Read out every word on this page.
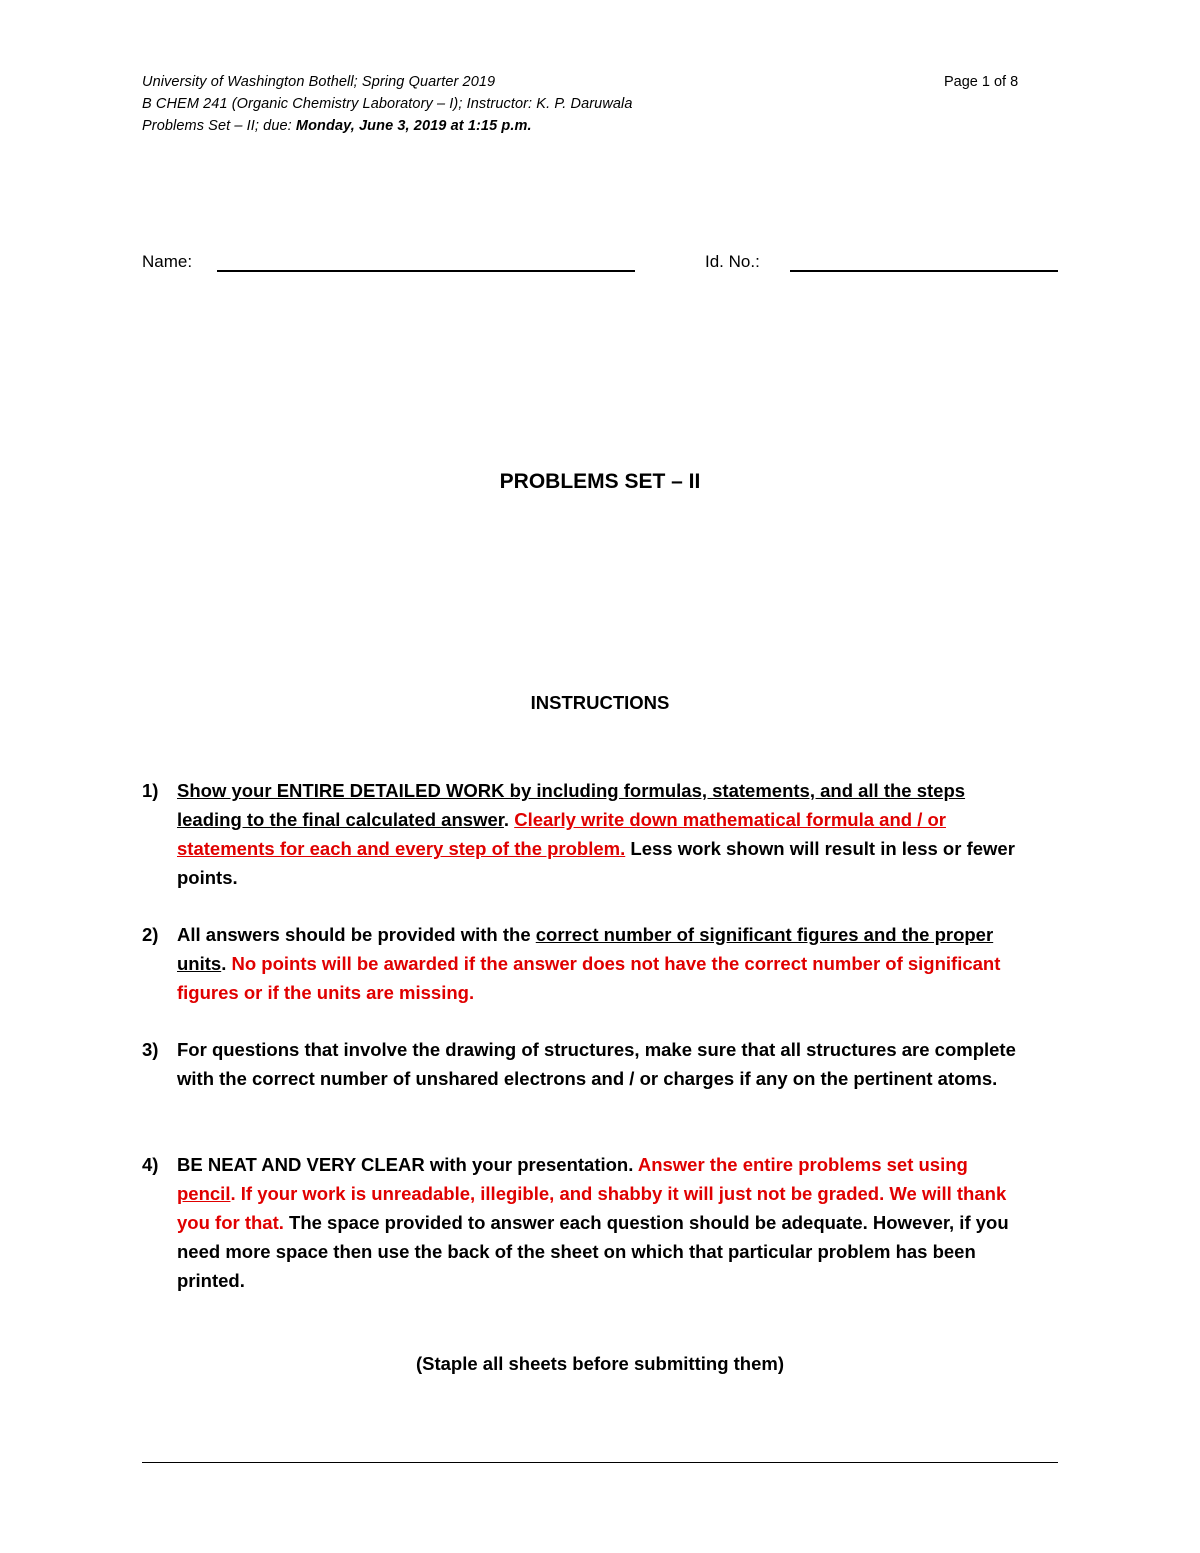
University of Washington Bothell; Spring Quarter 2019
B CHEM 241 (Organic Chemistry Laboratory – I); Instructor: K. P. Daruwala
Problems Set – II; due: Monday, June 3, 2019 at 1:15 p.m.
Page 1 of 8
Name:	Id. No.:
PROBLEMS SET – II
INSTRUCTIONS
1) Show your ENTIRE DETAILED WORK by including formulas, statements, and all the steps leading to the final calculated answer. Clearly write down mathematical formula and / or statements for each and every step of the problem. Less work shown will result in less or fewer points.
2) All answers should be provided with the correct number of significant figures and the proper units. No points will be awarded if the answer does not have the correct number of significant figures or if the units are missing.
3) For questions that involve the drawing of structures, make sure that all structures are complete with the correct number of unshared electrons and / or charges if any on the pertinent atoms.
4) BE NEAT AND VERY CLEAR with your presentation. Answer the entire problems set using pencil. If your work is unreadable, illegible, and shabby it will just not be graded. We will thank you for that. The space provided to answer each question should be adequate. However, if you need more space then use the back of the sheet on which that particular problem has been printed.
(Staple all sheets before submitting them)
